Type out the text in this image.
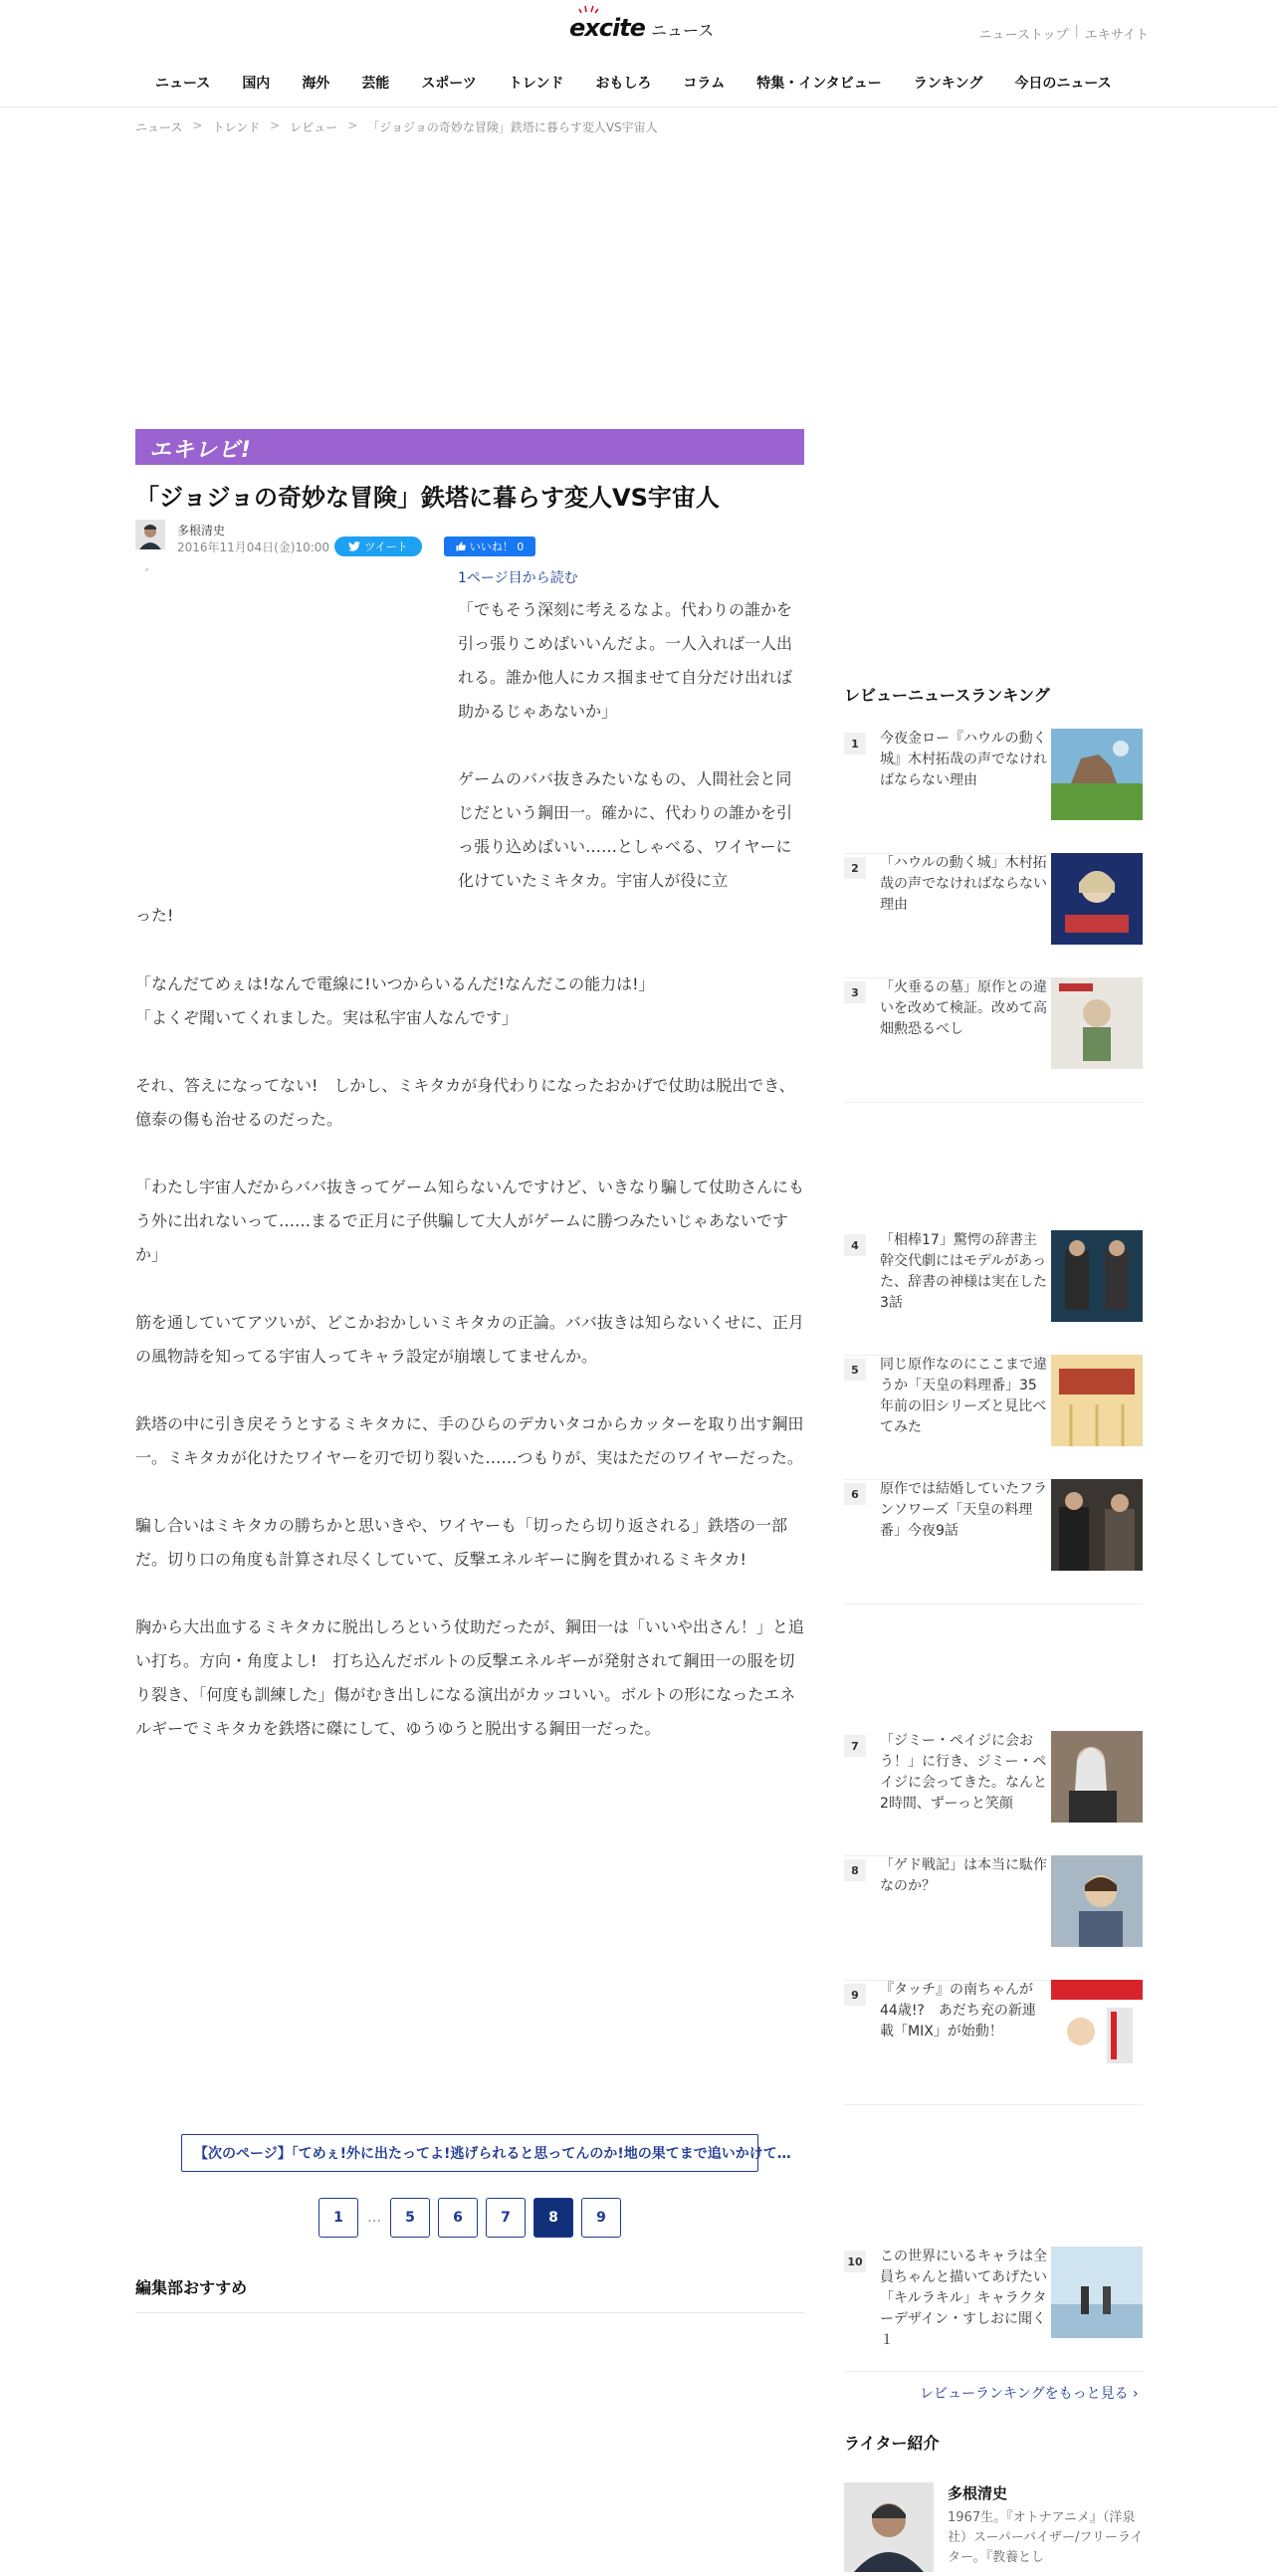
excite ニュース	ニューストップ | エキサイト
ニュース	国内	海外	芸能	スポーツ	トレンド	おもしろ	コラム	特集・インタビュー	ランキング	今日のニュース
ニュース > トレンド > レビュー > 「ジョジョの奇妙な冒険」鉄塔に暮らす変人VS宇宙人
エキレビ!
「ジョジョの奇妙な冒険」鉄塔に暮らす変人VS宇宙人
多根清史
2016年11月04日(金)10:00	ツイート	いいね！ 0
´	1ページ目から読む

「でもそう深刻に考えるなよ。代わりの誰かを引っ張りこめばいいんだよ。一人入れば一人出れる。誰か他人にカス掴ませて自分だけ出れば助かるじゃあないか」

ゲームのババ抜きみたいなもの、人間社会と同じだという鋼田一。確かに、代わりの誰かを引っ張り込めばいい……としゃべる、ワイヤーに化けていたミキタカ。宇宙人が役に立

った!

「なんだてめぇは!なんで電線に!いつからいるんだ!なんだこの能力は!」
「よくぞ聞いてくれました。実は私宇宙人なんです」

それ、答えになってない!　しかし、ミキタカが身代わりになったおかげで仗助は脱出でき、億泰の傷も治せるのだった。

「わたし宇宙人だからババ抜きってゲーム知らないんですけど、いきなり騙して仗助さんにもう外に出れないって……まるで正月に子供騙して大人がゲームに勝つみたいじゃあないですか」

筋を通していてアツいが、どこかおかしいミキタカの正論。ババ抜きは知らないくせに、正月の風物詩を知ってる宇宙人ってキャラ設定が崩壊してませんか。

鉄塔の中に引き戻そうとするミキタカに、手のひらのデカいタコからカッターを取り出す鋼田一。ミキタカが化けたワイヤーを刃で切り裂いた……つもりが、実はただのワイヤーだった。

騙し合いはミキタカの勝ちかと思いきや、ワイヤーも「切ったら切り返される」鉄塔の一部だ。切り口の角度も計算され尽くしていて、反撃エネルギーに胸を貫かれるミキタカ!

胸から大出血するミキタカに脱出しろという仗助だったが、鋼田一は「いいや出さん！」と追い打ち。方向・角度よし!　打ち込んだボルトの反撃エネルギーが発射されて鋼田一の服を切り裂き、「何度も訓練した」傷がむき出しになる演出がカッコいい。ボルトの形になったエネルギーでミキタカを鉄塔に磔にして、ゆうゆうと脱出する鋼田一だった。

【次のページ】「てめぇ!外に出たってよ!逃げられると思ってんのか!地の果てまで追いかけて…
1	…	5	6	7	8	9
編集部おすすめ
レビューニュースランキング
1	今夜金ロー『ハウルの動く城』木村拓哉の声でなければならない理由
2	「ハウルの動く城」木村拓哉の声でなければならない理由
3	「火垂るの墓」原作との違いを改めて検証。改めて高畑勲恐るべし
4	「相棒17」驚愕の辞書主幹交代劇にはモデルがあった、辞書の神様は実在した3話
5	同じ原作なのにここまで違うか「天皇の料理番」35年前の旧シリーズと見比べてみた
6	原作では結婚していたフランソワーズ「天皇の料理番」今夜9話
7	「ジミー・ペイジに会おう！」に行き、ジミー・ペイジに会ってきた。なんと2時間、ずーっと笑顔
8	「ゲド戦記」は本当に駄作なのか？
9	『タッチ』の南ちゃんが44歳!?　あだち充の新連載「MIX」が始動！
10 この世界にいるキャラは全員ちゃんと描いてあげたい「キルラキル」キャラクターデザイン・すしおに聞く１
レビューランキングをもっと見る ›
ライター紹介
多根清史
1967生。『オトナアニメ』（洋泉社）スーパーバイザー/フリーライター。『教養とし
